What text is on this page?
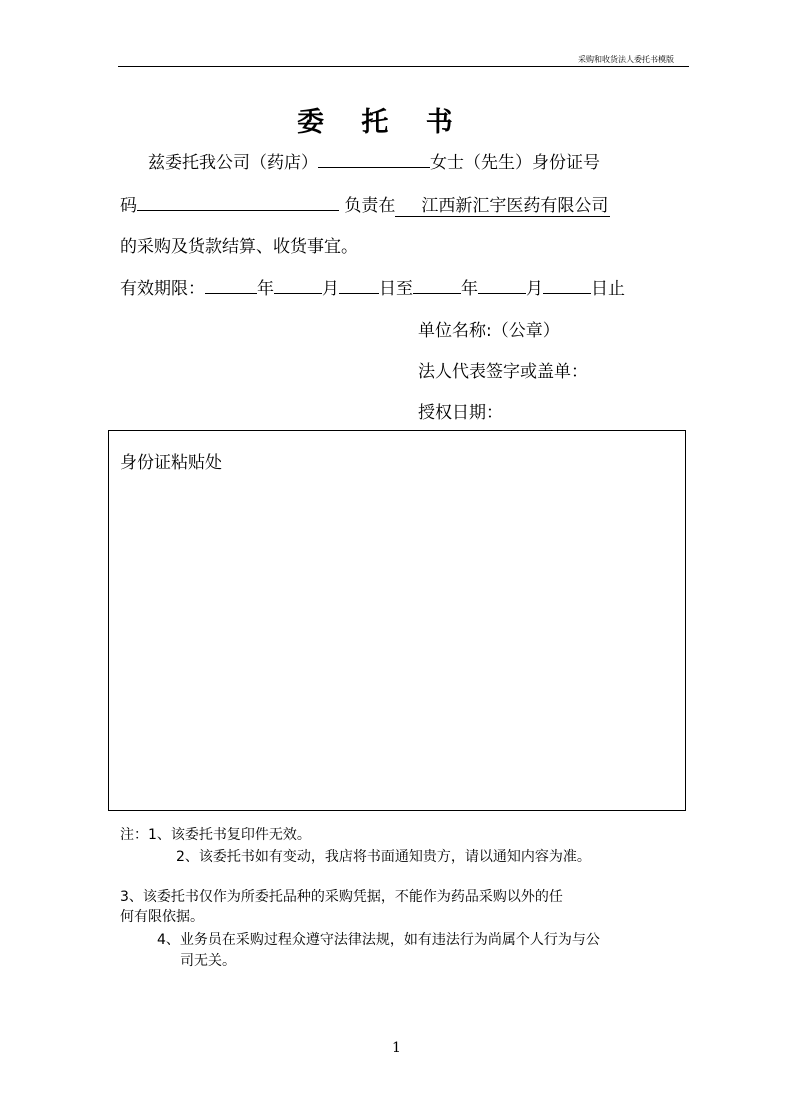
采购和收货法人委托书模版
委 托 书
兹委托我公司（药店）	女士（先生）身份证号
码	负责在 江西新汇宇医药有限公司
的采购及货款结算、收货事宜。
有效期限：	年	月 日至	年	月	日止
单位名称:（公章）
法人代表签字或盖单：
授权日期：
身份证粘贴处
注：1、该委托书复印件无效。
2、该委托书如有变动，我店将书面通知贵方，请以通知内容为准。
3、该委托书仅作为所委托品种的采购凭据，不能作为药品采购以外的任
何有限依据。
4、业务员在采购过程众遵守法律法规，如有违法行为尚属个人行为与公
司无关。
1
